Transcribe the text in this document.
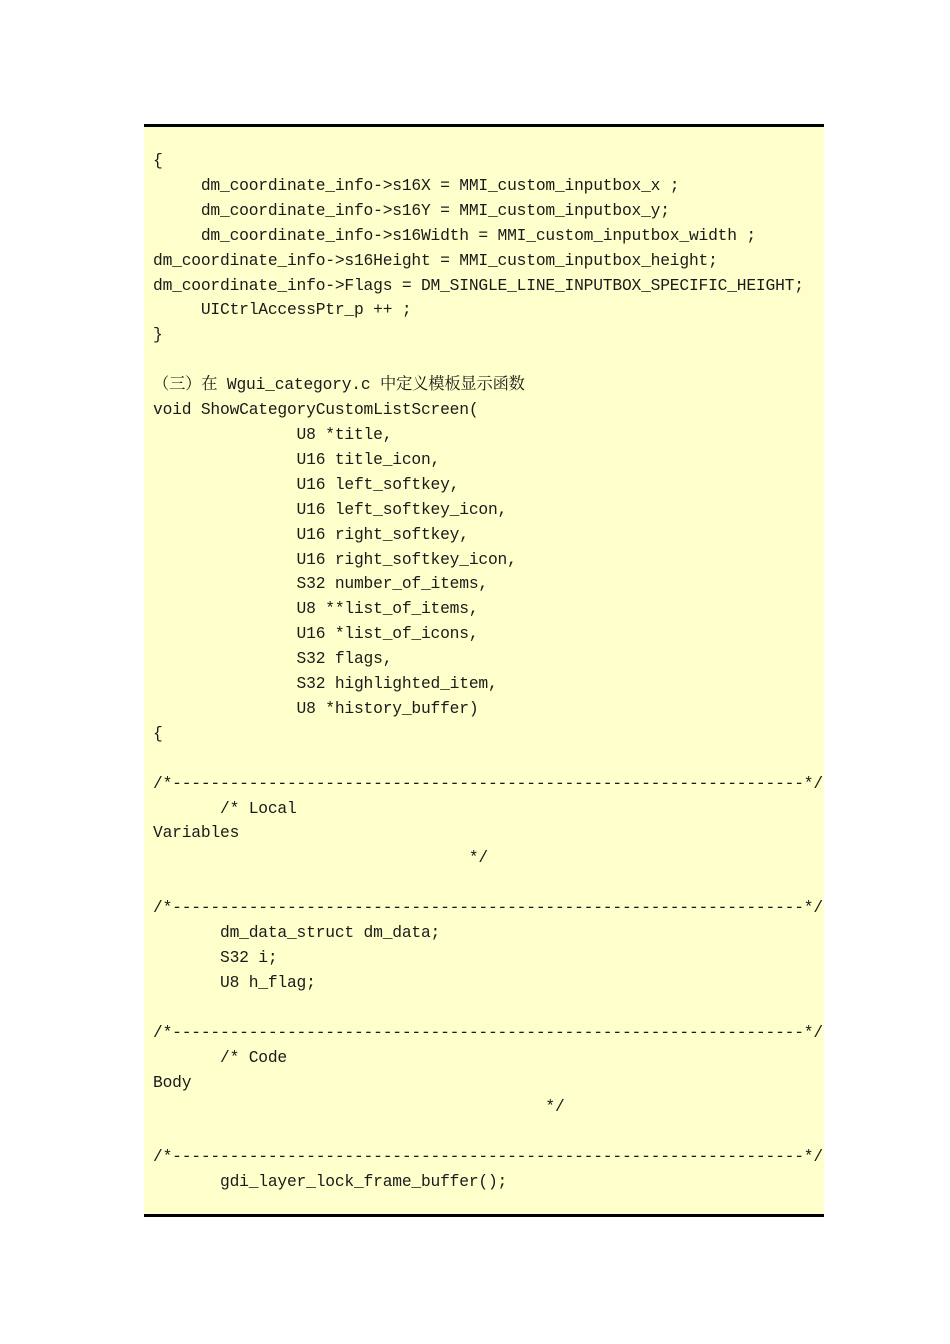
{
dm_coordinate_info->s16X = MMI_custom_inputbox_x ;
dm_coordinate_info->s16Y = MMI_custom_inputbox_y;
dm_coordinate_info->s16Width = MMI_custom_inputbox_width ;
dm_coordinate_info->s16Height = MMI_custom_inputbox_height;
dm_coordinate_info->Flags = DM_SINGLE_LINE_INPUTBOX_SPECIFIC_HEIGHT;
UICtrlAccessPtr_p ++ ;
}
（三）在 Wgui_category.c 中定义模板显示函数
void ShowCategoryCustomListScreen(
U8 *title,
U16 title_icon,
U16 left_softkey,
U16 left_softkey_icon,
U16 right_softkey,
U16 right_softkey_icon,
S32 number_of_items,
U8 **list_of_items,
U16 *list_of_icons,
S32 flags,
S32 highlighted_item,
U8 *history_buffer)
{
/*------------------------------------------------------------------*/
/* Local
Variables
*/
/*------------------------------------------------------------------*/
dm_data_struct dm_data;
S32 i;
U8 h_flag;
/*------------------------------------------------------------------*/
/* Code
Body
*/
/*------------------------------------------------------------------*/
gdi_layer_lock_frame_buffer();
